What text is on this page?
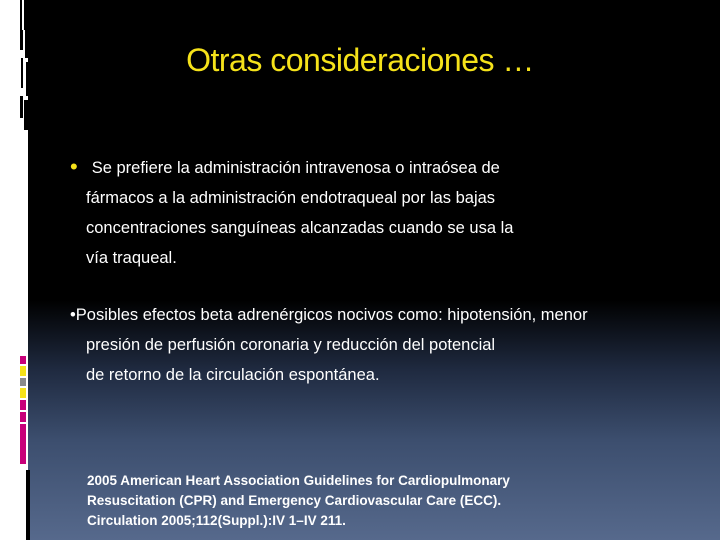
Otras consideraciones …
• Se prefiere la administración intravenosa o intraósea de
fármacos a la administración endotraqueal por las bajas
concentraciones sanguíneas alcanzadas cuando se usa la
vía traqueal.
•Posibles efectos beta adrenérgicos nocivos como: hipotensión, menor
presión de perfusión coronaria y reducción del potencial
de retorno de la circulación espontánea.
2005 American Heart Association Guidelines for Cardiopulmonary
Resuscitation (CPR) and Emergency Cardiovascular Care (ECC).
Circulation 2005;112(Suppl.):IV 1–IV 211.
